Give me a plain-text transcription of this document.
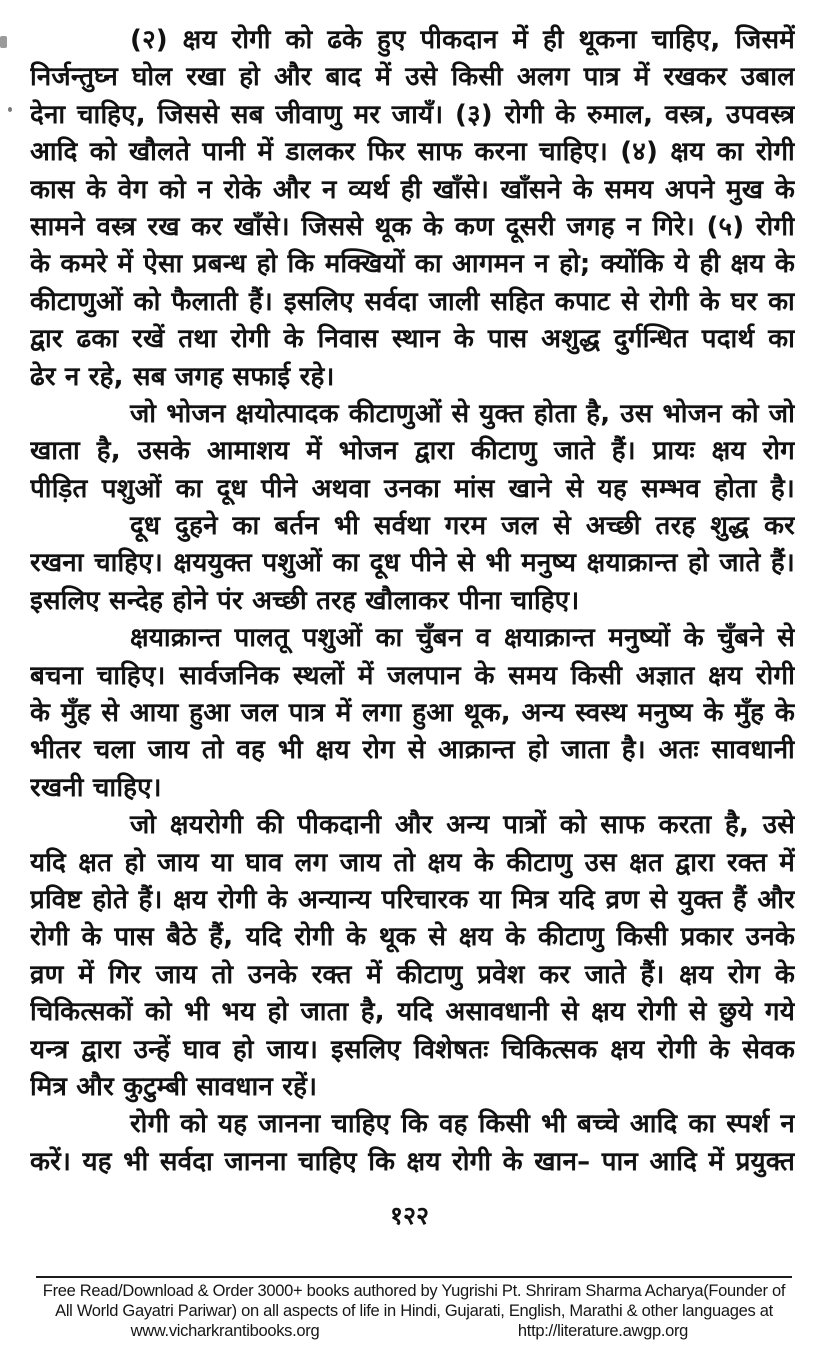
(२) क्षय रोगी को ढके हुए पीकदान में ही थूकना चाहिए, जिसमें
निर्जन्तुघ्न घोल रखा हो और बाद में उसे किसी अलग पात्र में रखकर उबाल
देना चाहिए, जिससे सब जीवाणु मर जायँ। (३) रोगी के रुमाल, वस्त्र, उपवस्त्र
आदि को खौलते पानी में डालकर फिर साफ करना चाहिए। (४) क्षय का रोगी
कास के वेग को न रोके और न व्यर्थ ही खाँसे। खाँसने के समय अपने मुख के
सामने वस्त्र रख कर खाँसे। जिससे थूक के कण दूसरी जगह न गिरे। (५) रोगी
के कमरे में ऐसा प्रबन्ध हो कि मक्खियों का आगमन न हो; क्योंकि ये ही क्षय के
कीटाणुओं को फैलाती हैं। इसलिए सर्वदा जाली सहित कपाट से रोगी के घर का
द्वार ढका रखें तथा रोगी के निवास स्थान के पास अशुद्ध दुर्गन्धित पदार्थ का
ढेर न रहे, सब जगह सफाई रहे।
जो भोजन क्षयोत्पादक कीटाणुओं से युक्त होता है, उस भोजन को जो
खाता है, उसके आमाशय में भोजन द्वारा कीटाणु जाते हैं। प्रायः क्षय रोग
पीड़ित पशुओं का दूध पीने अथवा उनका मांस खाने से यह सम्भव होता है।
दूध दुहने का बर्तन भी सर्वथा गरम जल से अच्छी तरह शुद्ध कर
रखना चाहिए। क्षययुक्त पशुओं का दूध पीने से भी मनुष्य क्षयाक्रान्त हो जाते हैं।
इसलिए सन्देह होने पंर अच्छी तरह खौलाकर पीना चाहिए।
क्षयाक्रान्त पालतू पशुओं का चुँबन व क्षयाक्रान्त मनुष्यों के चुँबने से
बचना चाहिए। सार्वजनिक स्थलों में जलपान के समय किसी अज्ञात क्षय रोगी
के मुँह से आया हुआ जल पात्र में लगा हुआ थूक, अन्य स्वस्थ मनुष्य के मुँह के
भीतर चला जाय तो वह भी क्षय रोग से आक्रान्त हो जाता है। अतः सावधानी
रखनी चाहिए।
जो क्षयरोगी की पीकदानी और अन्य पात्रों को साफ करता है, उसे
यदि क्षत हो जाय या घाव लग जाय तो क्षय के कीटाणु उस क्षत द्वारा रक्त में
प्रविष्ट होते हैं। क्षय रोगी के अन्यान्य परिचारक या मित्र यदि व्रण से युक्त हैं और
रोगी के पास बैठे हैं, यदि रोगी के थूक से क्षय के कीटाणु किसी प्रकार उनके
व्रण में गिर जाय तो उनके रक्त में कीटाणु प्रवेश कर जाते हैं। क्षय रोग के
चिकित्सकों को भी भय हो जाता है, यदि असावधानी से क्षय रोगी से छुये गये
यन्त्र द्वारा उन्हें घाव हो जाय। इसलिए विशेषतः चिकित्सक क्षय रोगी के सेवक
मित्र और कुटुम्बी सावधान रहें।
रोगी को यह जानना चाहिए कि वह किसी भी बच्चे आदि का स्पर्श न
करें। यह भी सर्वदा जानना चाहिए कि क्षय रोगी के खान– पान आदि में प्रयुक्त
१२२
Free Read/Download & Order 3000+ books authored by Yugrishi Pt. Shriram Sharma Acharya(Founder of
All World Gayatri Pariwar) on all aspects of life in Hindi, Gujarati, English, Marathi & other languages at
www.vicharkrantibooks.org	http://literature.awgp.org
